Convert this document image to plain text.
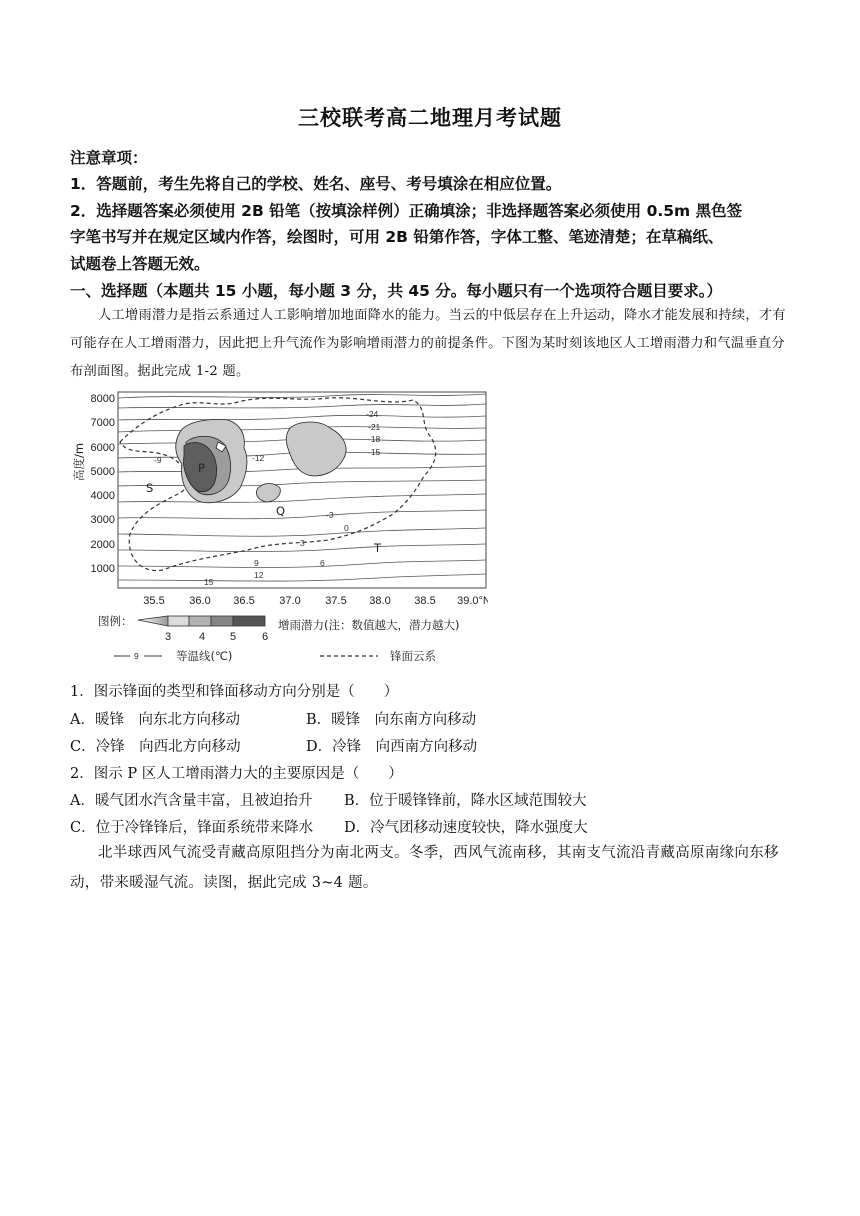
三校联考高二地理月考试题
注意章项：
1．答题前，考生先将自己的学校、姓名、座号、考号填涂在相应位置。
2．选择题答案必须使用 2B 铅笔（按填涂样例）正确填涂；非选择题答案必须使用 0.5m 黑色签
字笔书写并在规定区域内作答，绘图时，可用 2B 铅第作答，字体工整、笔迹清楚；在草稿纸、
试题卷上答题无效。
一、选择题（本题共 15 小题，每小题 3 分，共 45 分。每小题只有一个选项符合题目要求。）
人工增雨潜力是指云系通过人工影响增加地面降水的能力。当云的中低层存在上升运动，降水才能发展和持续，才有可能存在人工增雨潜力，因此把上升气流作为影响增雨潜力的前提条件。下图为某时刻该地区人工增雨潜力和气温垂直分布剖面图。据此完成 1-2 题。
高度/m
8000
7000
6000
5000
4000
3000
2000
1000
-24
-21
-18
-15
-12
-9
-3
0
3
6
9
12
15
P
S
Q
T
35.5 36.0 36.5 37.0 37.5 38.0 38.5 39.0°N
图例：
3	4 5 6
增雨潜力(注：数值越大，潜力越大)
9	等温线(℃)	锋面云系
1．图示锋面的类型和锋面移动方向分别是（　　）
A．暖锋　向东北方向移动	B．暖锋　向东南方向移动
C．冷锋　向西北方向移动	D．冷锋　向西南方向移动
2．图示 P 区人工增雨潜力大的主要原因是（　　）
A．暖气团水汽含量丰富，且被迫抬升 B．位于暖锋锋前，降水区域范围较大
C．位于冷锋锋后，锋面系统带来降水 D．冷气团移动速度较快，降水强度大
北半球西风气流受青藏高原阻挡分为南北两支。冬季，西风气流南移，其南支气流沿青藏高原南缘向东移动，带来暖湿气流。读图，据此完成 3~4 题。
